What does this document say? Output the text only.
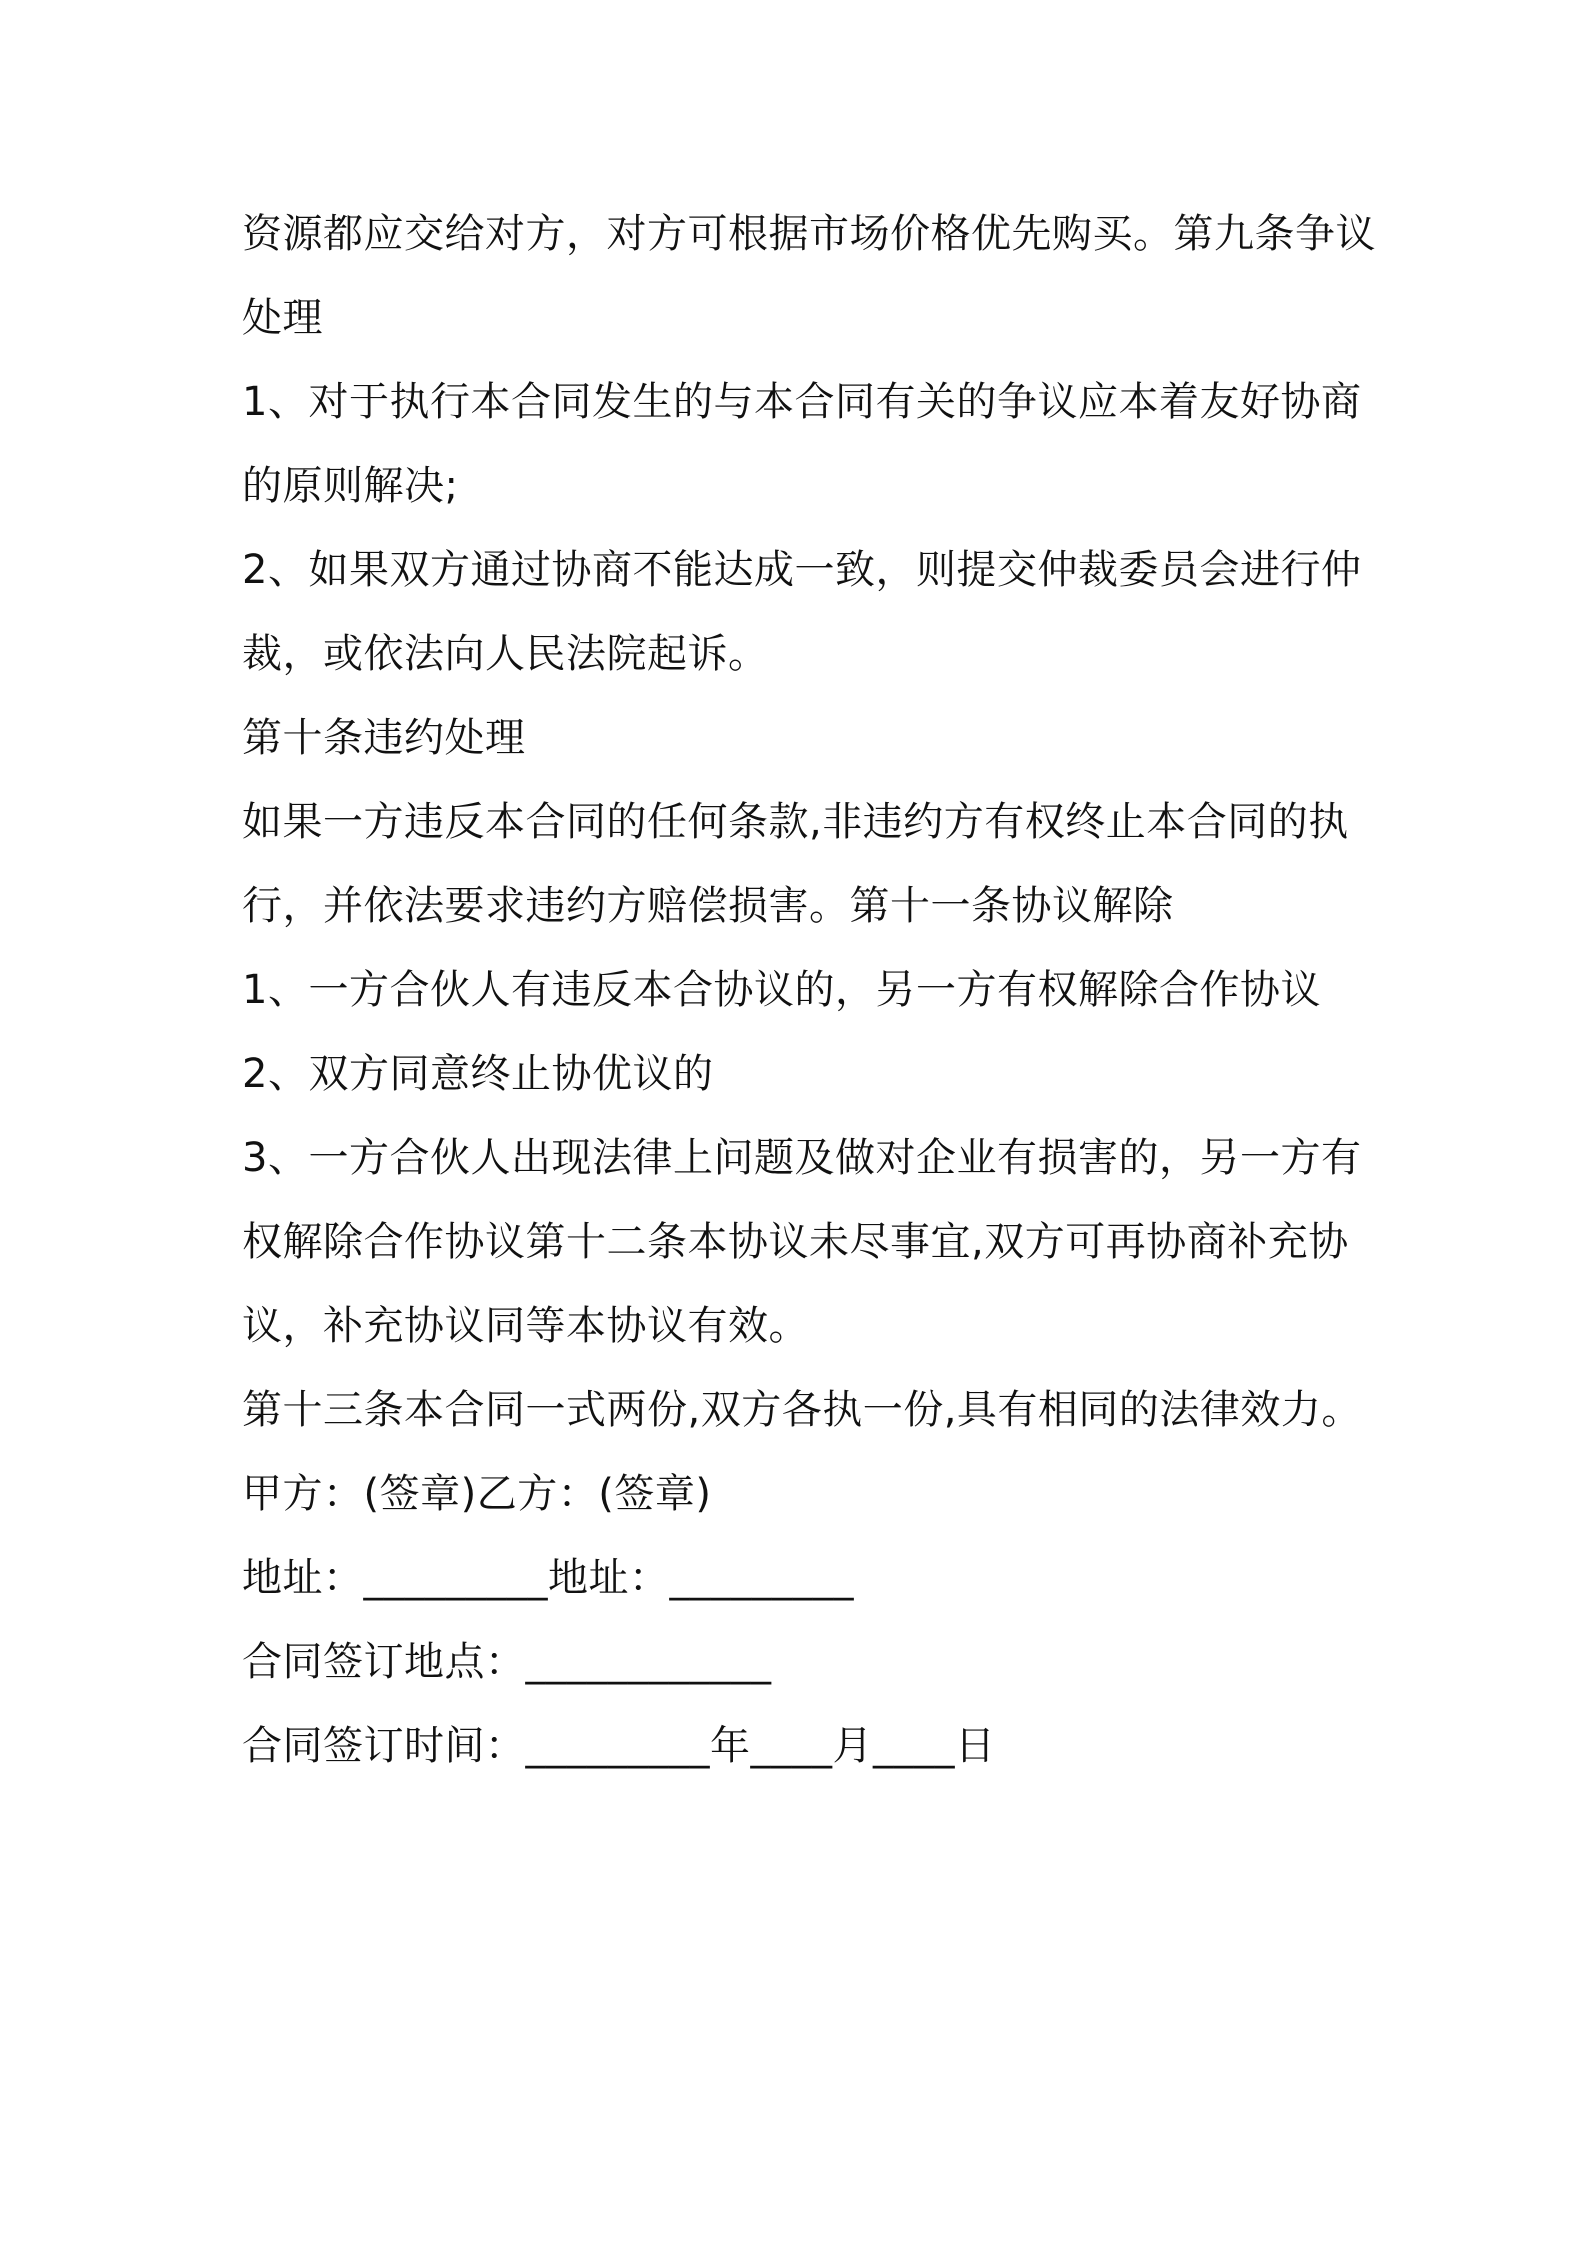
资源都应交给对方，对方可根据市场价格优先购买。第九条争议
处理
1、对于执行本合同发生的与本合同有关的争议应本着友好协商
的原则解决;
2、如果双方通过协商不能达成一致，则提交仲裁委员会进行仲
裁，或依法向人民法院起诉。
第十条违约处理
如果一方违反本合同的任何条款,非违约方有权终止本合同的执
行，并依法要求违约方赔偿损害。第十一条协议解除
1、一方合伙人有违反本合协议的，另一方有权解除合作协议
2、双方同意终止协优议的
3、一方合伙人出现法律上问题及做对企业有损害的，另一方有
权解除合作协议第十二条本协议未尽事宜,双方可再协商补充协
议，补充协议同等本协议有效。
第十三条本合同一式两份,双方各执一份,具有相同的法律效力。
甲方：(签章)乙方：(签章)
地址：_________地址：_________
合同签订地点：____________
合同签订时间：_________年____月____日
